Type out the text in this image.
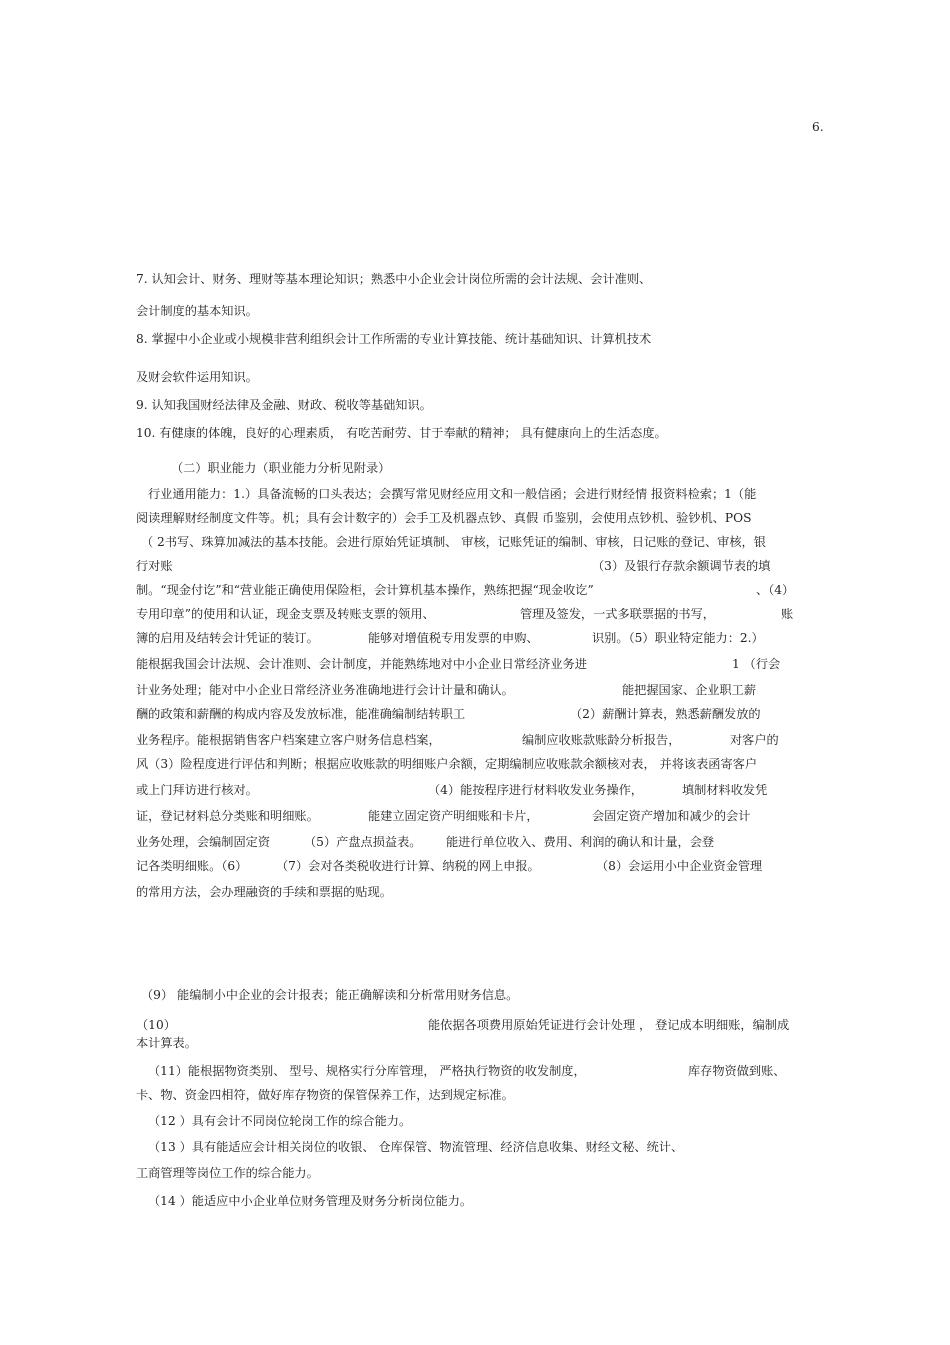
6.
7. 认知会计、财务、理财等基本理论知识；熟悉中小企业会计岗位所需的会计法规、会计准则、
会计制度的基本知识。
8. 掌握中小企业或小规模非营利组织会计工作所需的专业计算技能、统计基础知识、计算机技术
及财会软件运用知识。
9. 认知我国财经法律及金融、财政、税收等基础知识。
10. 有健康的体魄，良好的心理素质， 有吃苦耐劳、甘于奉献的精神； 具有健康向上的生活态度。
（二）职业能力（职业能力分析见附录）
行业通用能力：1.）具备流畅的口头表达；会撰写常见财经应用文和一般信函；会进行财经情 报资料检索；1（能
阅读理解财经制度文件等。机；具有会计数字的）会手工及机器点钞、真假 币鉴别，会使用点钞机、验钞机、POS
（ 2书写、珠算加减法的基本技能。会进行原始凭证填制、 审核，记账凭证的编制、审核，日记账的登记、审核，银
行对账	（3）及银行存款余额调节表的填
制。“现金付讫”和“营业能正确使用保险柜，会计算机基本操作，熟练把握“现金收讫”	、（4）
专用印章”的使用和认证，现金支票及转账支票的领用、	管理及签发，一式多联票据的书写，	账
簿的启用及结转会计凭证的装订。	能够对增值税专用发票的申购、	识别。（5）职业特定能力：2.）
能根据我国会计法规、会计准则、会计制度，并能熟练地对中小企业日常经济业务进	1 （行会
计业务处理；能对中小企业日常经济业务准确地进行会计计量和确认。	能把握国家、企业职工薪
酬的政策和薪酬的构成内容及发放标准，能准确编制结转职工	（2）薪酬计算表，熟悉薪酬发放的
业务程序。能根据销售客户档案建立客户财务信息档案，	编制应收账款账龄分析报告，	对客户的
风（3）险程度进行评估和判断；根据应收账款的明细账户余额，定期编制应收账款余额核对表， 并将该表函寄客户
或上门拜访进行核对。	（4）能按程序进行材料收发业务操作，	填制材料收发凭
证，登记材料总分类账和明细账。	能建立固定资产明细账和卡片，	会固定资产增加和减少的会计
业务处理，会编制固定资	（5）产盘点损益表。 能进行单位收入、费用、利润的确认和计量，会登
记各类明细账。（6） （7）会对各类税收进行计算、纳税的网上申报。	（8）会运用小中企业资金管理
的常用方法，会办理融资的手续和票据的贴现。
（9） 能编制小中企业的会计报表；能正确解读和分析常用财务信息。
（10）	能依据各项费用原始凭证进行会计处理 ， 登记成本明细账，编制成
本计算表。
（11）能根据物资类别、 型号、规格实行分库管理， 严格执行物资的收发制度，	库存物资做到账、
卡、物、资金四相符，做好库存物资的保管保养工作，达到规定标准。
（12 ）具有会计不同岗位轮岗工作的综合能力。
（13 ）具有能适应会计相关岗位的收银、 仓库保管、物流管理、经济信息收集、财经文秘、统计、
工商管理等岗位工作的综合能力。
（14 ）能适应中小企业单位财务管理及财务分析岗位能力。
